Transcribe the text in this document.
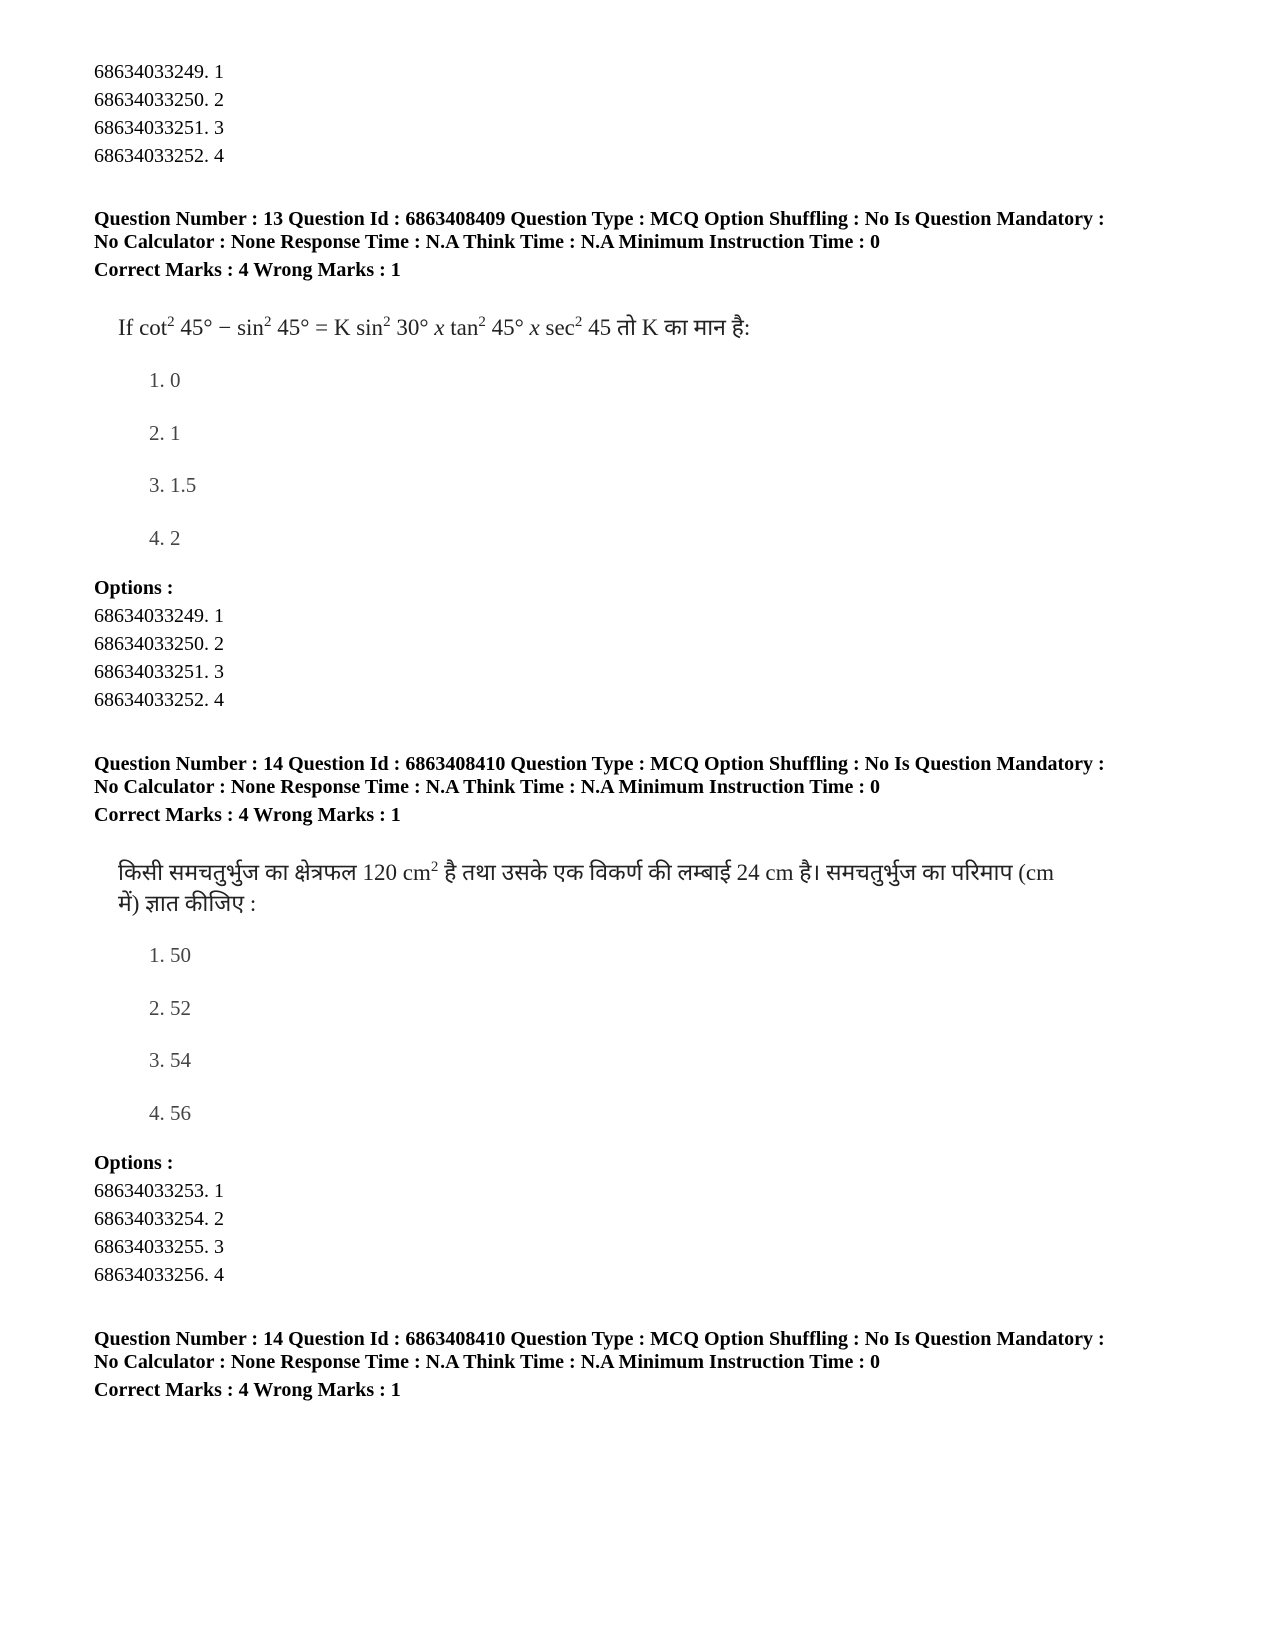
68634033249. 1
68634033250. 2
68634033251. 3
68634033252. 4
Question Number : 13 Question Id : 6863408409 Question Type : MCQ Option Shuffling : No Is Question Mandatory :
No Calculator : None Response Time : N.A Think Time : N.A Minimum Instruction Time : 0
Correct Marks : 4 Wrong Marks : 1
If $\cot^2 45^\circ - \sin^2 45^\circ = K$ $\sin^2 30^\circ$ x $\tan^2 45^\circ$ x $\sec^2 45$ तो K का मान है:
1. 0
2. 1
3. 1.5
4. 2
Options :
68634033249. 1
68634033250. 2
68634033251. 3
68634033252. 4
Question Number : 14 Question Id : 6863408410 Question Type : MCQ Option Shuffling : No Is Question Mandatory :
No Calculator : None Response Time : N.A Think Time : N.A Minimum Instruction Time : 0
Correct Marks : 4 Wrong Marks : 1
किसी समचतुर्भुज का क्षेत्रफल 120 $cm^2$ है तथा उसके एक विकर्ण की लम्बाई 24 cm है। समचतुर्भुज का परिमाप (cm
में) ज्ञात कीजिए :
1. 50
2. 52
3. 54
4. 56
Options :
68634033253. 1
68634033254. 2
68634033255. 3
68634033256. 4
Question Number : 14 Question Id : 6863408410 Question Type : MCQ Option Shuffling : No Is Question Mandatory :
No Calculator : None Response Time : N.A Think Time : N.A Minimum Instruction Time : 0
Correct Marks : 4 Wrong Marks : 1
